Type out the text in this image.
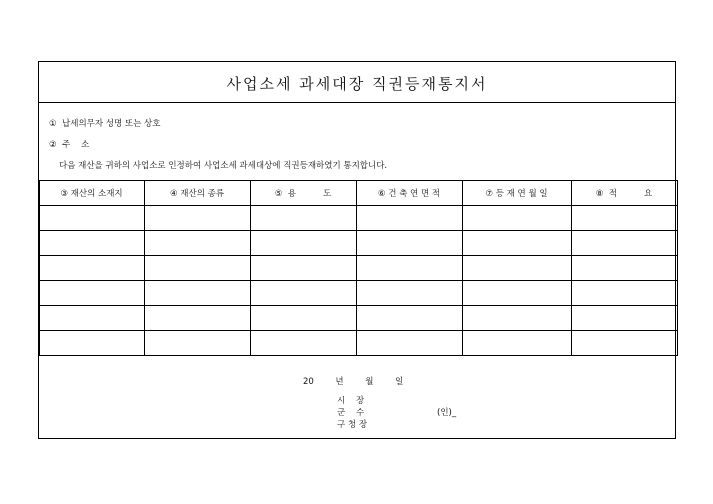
사업소세 과세대장 직권등재통지서
①  납세의무자 성명 또는 상호
②  주    소
다음 재산을 귀하의 사업소로 인정하여 사업소세 과세대상에 직권등재하였기 통지합니다.
③ 재산의 소재지	④ 재산의 종류	⑤  용          도	⑥ 건 축 연 면 적	⑦ 등 재 연 월 일	⑧  적          요

20        년        월        일
시    장
군    수
구 청 장
(인)_
